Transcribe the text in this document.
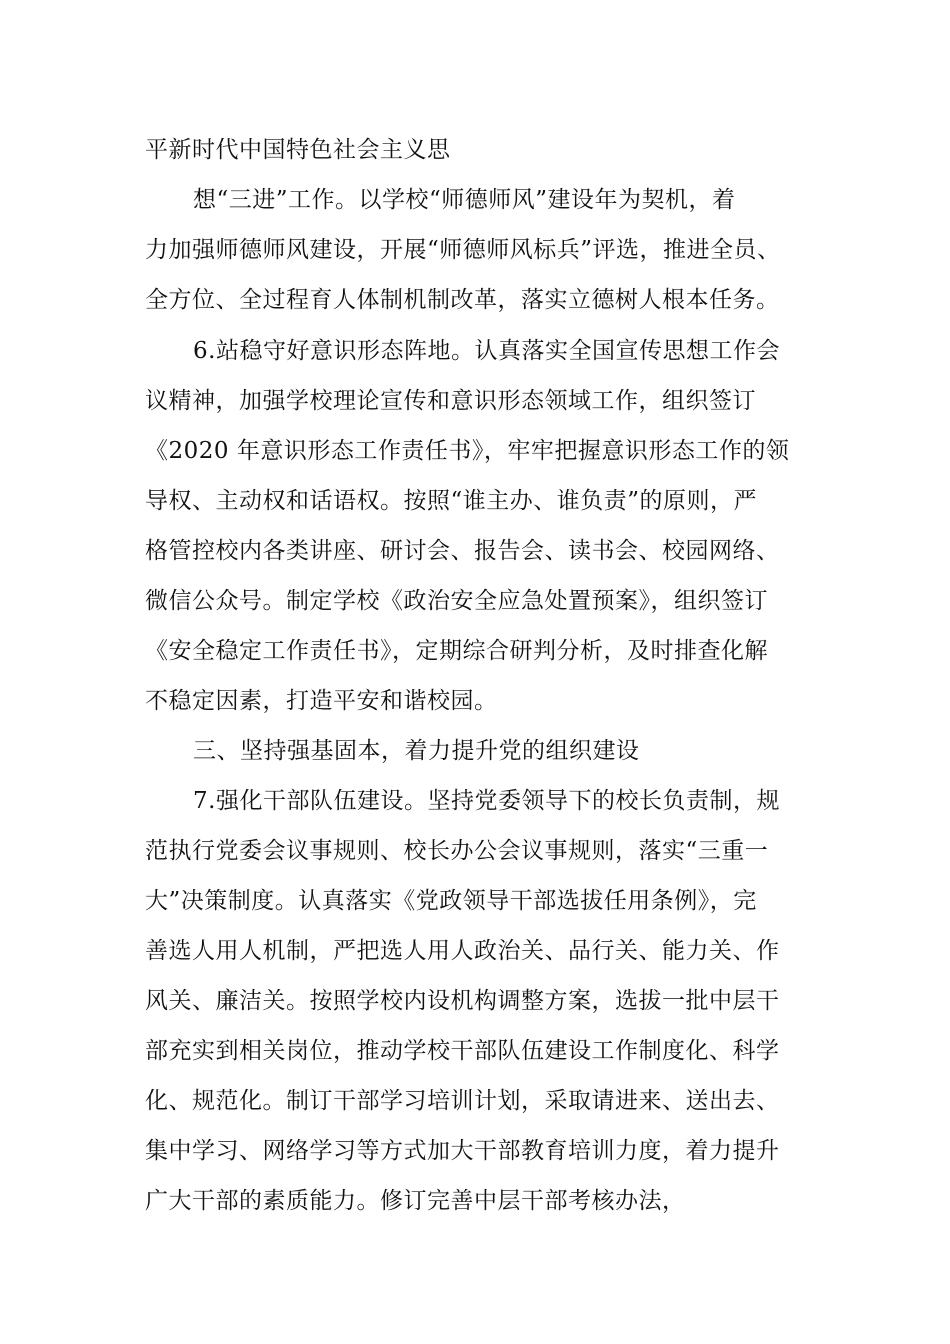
平新时代中国特色社会主义思
想“三进”工作。以学校“师德师风”建设年为契机，着
力加强师德师风建设，开展“师德师风标兵”评选，推进全员、
全方位、全过程育人体制机制改革，落实立德树人根本任务。
6.站稳守好意识形态阵地。认真落实全国宣传思想工作会
议精神，加强学校理论宣传和意识形态领域工作，组织签订
《2020 年意识形态工作责任书》，牢牢把握意识形态工作的领
导权、主动权和话语权。按照“谁主办、谁负责”的原则，严
格管控校内各类讲座、研讨会、报告会、读书会、校园网络、
微信公众号。制定学校《政治安全应急处置预案》，组织签订
《安全稳定工作责任书》，定期综合研判分析，及时排查化解
不稳定因素，打造平安和谐校园。
三、坚持强基固本，着力提升党的组织建设
7.强化干部队伍建设。坚持党委领导下的校长负责制，规
范执行党委会议事规则、校长办公会议事规则，落实“三重一
大”决策制度。认真落实《党政领导干部选拔任用条例》，完
善选人用人机制，严把选人用人政治关、品行关、能力关、作
风关、廉洁关。按照学校内设机构调整方案，选拔一批中层干
部充实到相关岗位，推动学校干部队伍建设工作制度化、科学
化、规范化。制订干部学习培训计划，采取请进来、送出去、
集中学习、网络学习等方式加大干部教育培训力度，着力提升
广大干部的素质能力。修订完善中层干部考核办法，
